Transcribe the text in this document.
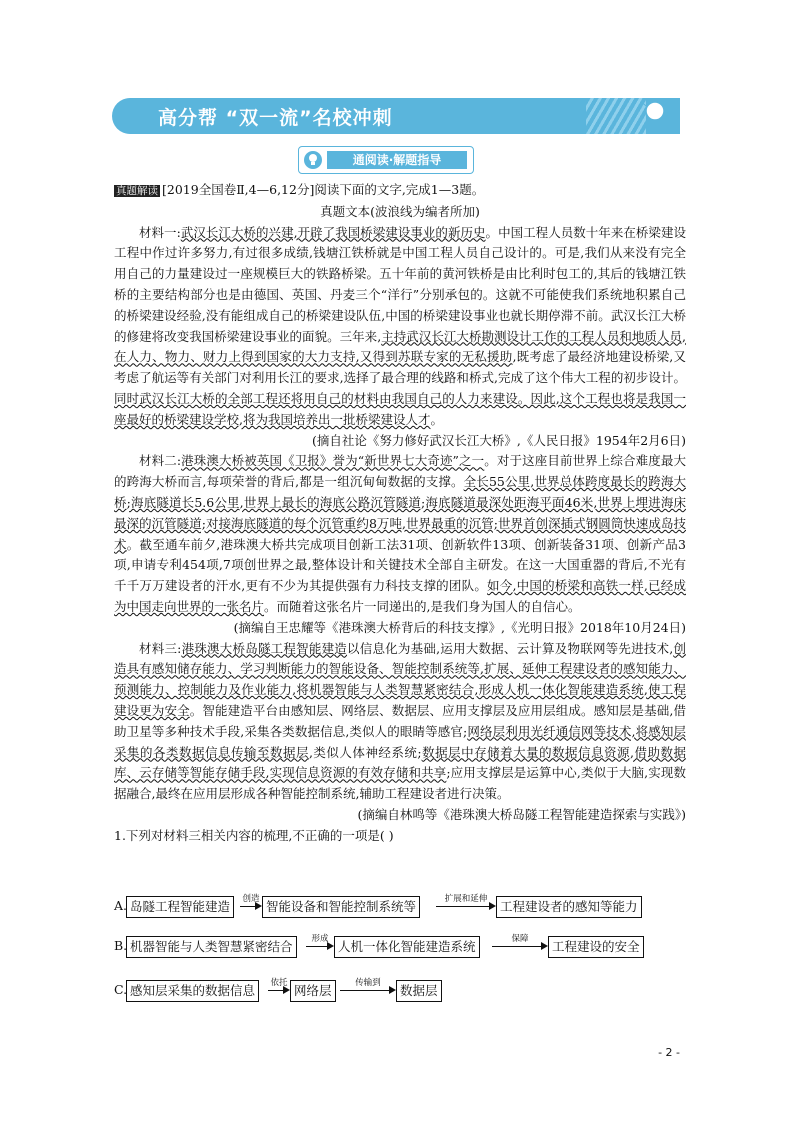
高分帮 “双一流”名校冲刺
通阅读·解题指导

真题解读 [2019全国卷Ⅱ,4—6,12分]阅读下面的文字,完成1—3题。

真题文本(波浪线为编者所加)

材料一:武汉长江大桥的兴建,开辟了我国桥梁建设事业的新历史。中国工程人员数十年来在桥梁建设工程中作过许多努力,有过很多成绩,钱塘江铁桥就是中国工程人员自己设计的。可是,我们从来没有完全用自己的力量建设过一座规模巨大的铁路桥梁。五十年前的黄河铁桥是由比利时包工的,其后的钱塘江铁桥的主要结构部分也是由德国、英国、丹麦三个“洋行”分别承包的。这就不可能使我们系统地积累自己的桥梁建设经验,没有能组成自己的桥梁建设队伍,中国的桥梁建设事业也就长期停滞不前。武汉长江大桥的修建将改变我国桥梁建设事业的面貌。三年来,主持武汉长江大桥勘测设计工作的工程人员和地质人员,在人力、物力、财力上得到国家的大力支持,又得到苏联专家的无私援助,既考虑了最经济地建设桥梁,又考虑了航运等有关部门对利用长江的要求,选择了最合理的线路和桥式,完成了这个伟大工程的初步设计。同时武汉长江大桥的全部工程还将用自己的材料由我国自己的人力来建设。因此,这个工程也将是我国一座最好的桥梁建设学校,将为我国培养出一批桥梁建设人才。

(摘自社论《努力修好武汉长江大桥》,《人民日报》1954年2月6日)

材料二:港珠澳大桥被英国《卫报》誉为“新世界七大奇迹”之一。对于这座目前世界上综合难度最大的跨海大桥而言,每项荣誉的背后,都是一组沉甸甸数据的支撑。全长55公里,世界总体跨度最长的跨海大桥;海底隧道长5.6公里,世界上最长的海底公路沉管隧道;海底隧道最深处距海平面46米,世界上埋进海床最深的沉管隧道;对接海底隧道的每个沉管重约8万吨,世界最重的沉管;世界首创深插式钢圆筒快速成岛技术。截至通车前夕,港珠澳大桥共完成项目创新工法31项、创新软件13项、创新装备31项、创新产品3项,申请专利454项,7项创世界之最,整体设计和关键技术全部自主研发。在这一大国重器的背后,不光有千千万万建设者的汗水,更有不少为其提供强有力科技支撑的团队。如今,中国的桥梁和高铁一样,已经成为中国走向世界的一张名片。而随着这张名片一同递出的,是我们身为国人的自信心。

(摘编自王忠耀等《港珠澳大桥背后的科技支撑》,《光明日报》2018年10月24日)

材料三:港珠澳大桥岛隧工程智能建造以信息化为基础,运用大数据、云计算及物联网等先进技术,创造具有感知储存能力、学习判断能力的智能设备、智能控制系统等,扩展、延伸工程建设者的感知能力、预测能力、控制能力及作业能力,将机器智能与人类智慧紧密结合,形成人机一体化智能建造系统,使工程建设更为安全。智能建造平台由感知层、网络层、数据层、应用支撑层及应用层组成。感知层是基础,借助卫星等多种技术手段,采集各类数据信息,类似人的眼睛等感官;网络层利用光纤通信网等技术,将感知层采集的各类数据信息传输至数据层,类似人体神经系统;数据层中存储着大量的数据信息资源,借助数据库、云存储等智能存储手段,实现信息资源的有效存储和共享;应用支撑层是运算中心,类似于大脑,实现数据融合,最终在应用层形成各种智能控制系统,辅助工程建设者进行决策。

(摘编自林鸣等《港珠澳大桥岛隧工程智能建造探索与实践》)

1.下列对材料三相关内容的梳理,不正确的一项是( )

A. 岛隧工程智能建造	创造 智能设备和智能控制系统等	扩展和延伸	工程建设者的感知等能力
B. 机器智能与人类智慧紧密结合	形成 人机一体化智能建造系统	保障	工程建设的安全
C. 感知层采集的数据信息	依托 网络层	传输到	数据层
- 2 -
